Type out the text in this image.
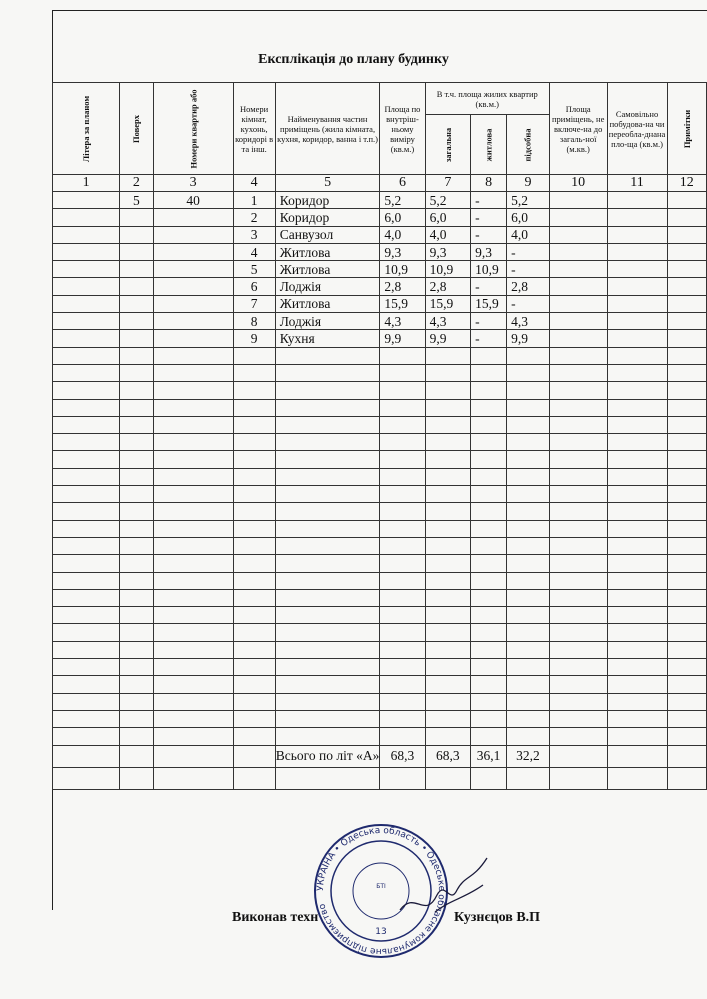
Експлікація до плану будинку
Літера за планом	Поверх	Номери квартир або	Номери кімнат, кухонь, коридорі в та інш.	Найменування частин приміщень (жила кімната, кухня, коридор, ванна і т.п.)	Площа по внутріш-ньому виміру (кв.м.)	В т.ч. площа жилих квартир (кв.м.)			Площа приміщень, не включе-на до загаль-ної (м.кв.)	Самовільно побудова-на чи переобла-днана пло-ща (кв.м.)	Примітки
						загальна	житлова	підсобна			
1	2	3	4	5	6	7	8	9	10	11	12
	5	40	1	Коридор	5,2	5,2	-	5,2			
			2	Коридор	6,0	6,0	-	6,0			
			3	Санвузол	4,0	4,0	-	4,0			
			4	Житлова	9,3	9,3	9,3	-			
			5	Житлова	10,9	10,9	10,9	-			
			6	Лоджія	2,8	2,8	-	2,8			
			7	Житлова	15,9	15,9	15,9	-			
			8	Лоджія	4,3	4,3	-	4,3			
			9	Кухня	9,9	9,9	-	9,9			

				Всього по літ «А»	68,3	68,3	36,1	32,2			

Виконав техн	Кузнєцов В.П
УКРАЇНА • Одеська область • Одеське обласне комунальне підприємство
БТІ
13
